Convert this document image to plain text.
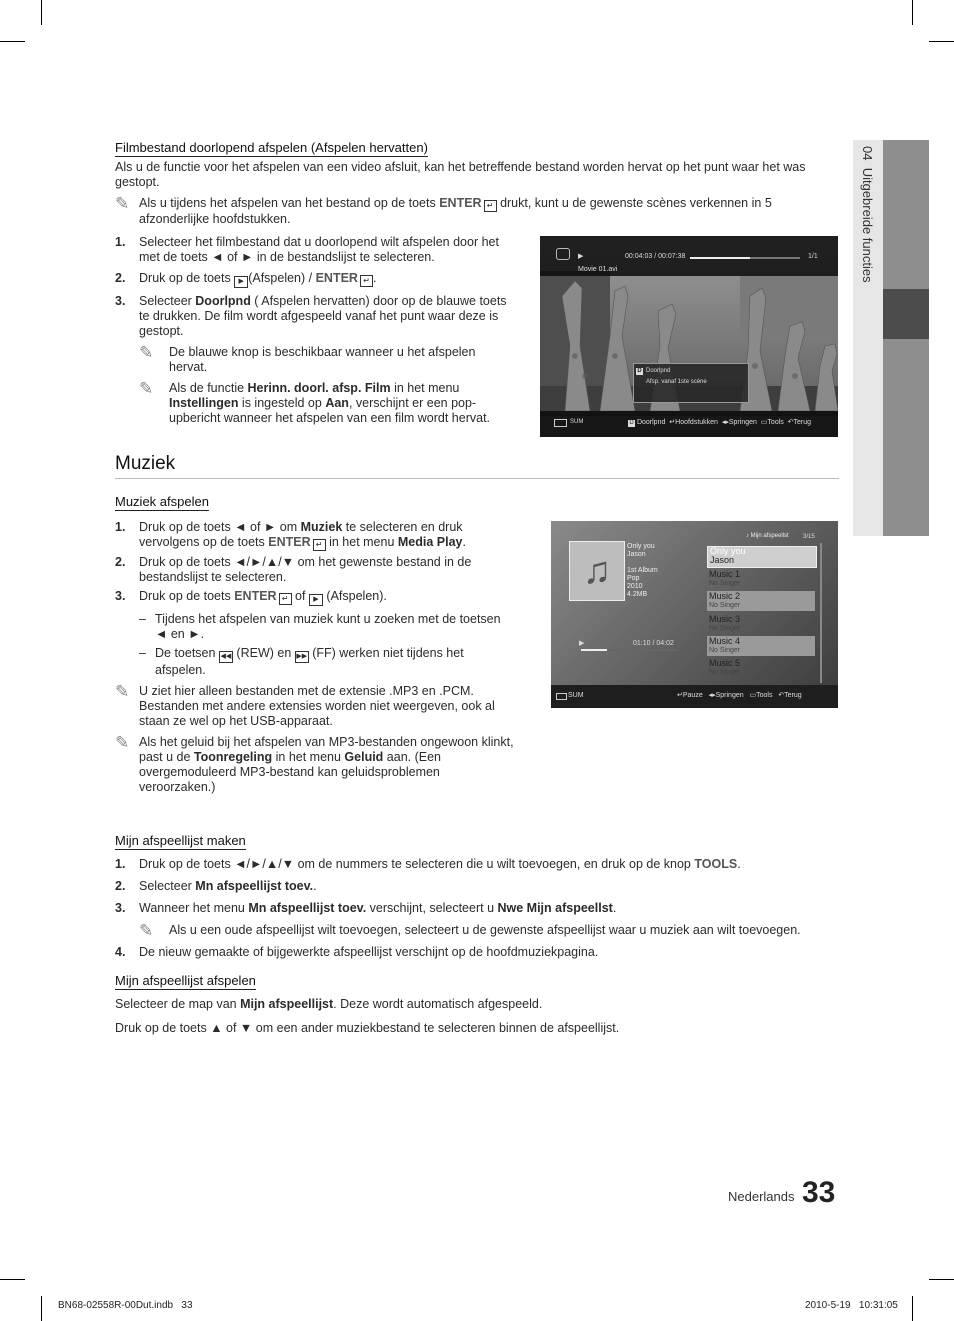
04  Uitgebreide functies
Filmbestand doorlopend afspelen (Afspelen hervatten)
Als u de functie voor het afspelen van een video afsluit, kan het betreffende bestand worden hervat op het punt waar het was gestopt.
✎ Als u tijdens het afspelen van het bestand op de toets ENTER ↵ drukt, kunt u de gewenste scènes verkennen in 5 afzonderlijke hoofdstukken.
1. Selecteer het filmbestand dat u doorlopend wilt afspelen door het met de toets ◄ of ► in de bestandslijst te selecteren.
2. Druk op de toets ▶ (Afspelen) / ENTER ↵ .
3. Selecteer Doorlpnd ( Afspelen hervatten) door op de blauwe toets te drukken. De film wordt afgespeeld vanaf het punt waar deze is gestopt.
✎ De blauwe knop is beschikbaar wanneer u het afspelen hervat.
✎ Als de functie Herinn. doorl. afsp. Film in het menu Instellingen is ingesteld op Aan, verschijnt er een pop-upbericht wanneer het afspelen van een film wordt hervat.
▶	00:04:03 / 00:07:38	1/1
Movie 01.avi
D Doorlpnd
Afsp. vanaf 1ste scène
SUM	D Doorlpnd ↵Hoofdstukken ◂▸Springen ▭Tools ↶Terug
Muziek
Muziek afspelen
1. Druk op de toets ◄ of ► om Muziek te selecteren en druk vervolgens op de toets ENTER ↵ in het menu Media Play.
2. Druk op de toets ◄/►/▲/▼ om het gewenste bestand in de bestandslijst te selecteren.
3. Druk op de toets ENTER ↵ of ▶ (Afspelen).
– Tijdens het afspelen van muziek kunt u zoeken met de toetsen ◄ en ►.
– De toetsen ◀◀ (REW) en ▶▶ (FF) werken niet tijdens het afspelen.
✎ U ziet hier alleen bestanden met de extensie .MP3 en .PCM. Bestanden met andere extensies worden niet weergeven, ook al staan ze wel op het USB-apparaat.
✎ Als het geluid bij het afspelen van MP3-bestanden ongewoon klinkt, past u de Toonregeling in het menu Geluid aan. (Een overgemoduleerd MP3-bestand kan geluidsproblemen veroorzaken.)
♫
Only you
Jason
1st Album
Pop
2010
4.2MB
▶	01:10 / 04:02
♪ Mijn afspeellst 3/15
Only you
Jason
Music 1
No Singer
Music 2
No Singer
Music 3
No Singer
Music 4
No Singer
Music 5
No Singer
SUM	↵Pauze ◂▸Springen ▭Tools ↶Terug
Mijn afspeellijst maken
1. Druk op de toets ◄/►/▲/▼ om de nummers te selecteren die u wilt toevoegen, en druk op de knop TOOLS.
2. Selecteer Mn afspeellijst toev..
3. Wanneer het menu Mn afspeellijst toev. verschijnt, selecteert u Nwe Mijn afspeellst.
✎ Als u een oude afspeellijst wilt toevoegen, selecteert u de gewenste afspeellijst waar u muziek aan wilt toevoegen.
4. De nieuw gemaakte of bijgewerkte afspeellijst verschijnt op de hoofdmuziekpagina.
Mijn afspeellijst afspelen
Selecteer de map van Mijn afspeellijst. Deze wordt automatisch afgespeeld.
Druk op de toets ▲ of ▼ om een ander muziekbestand te selecteren binnen de afspeellijst.
Nederlands 33
BN68-02558R-00Dut.indb   33	2010-5-19   10:31:05
